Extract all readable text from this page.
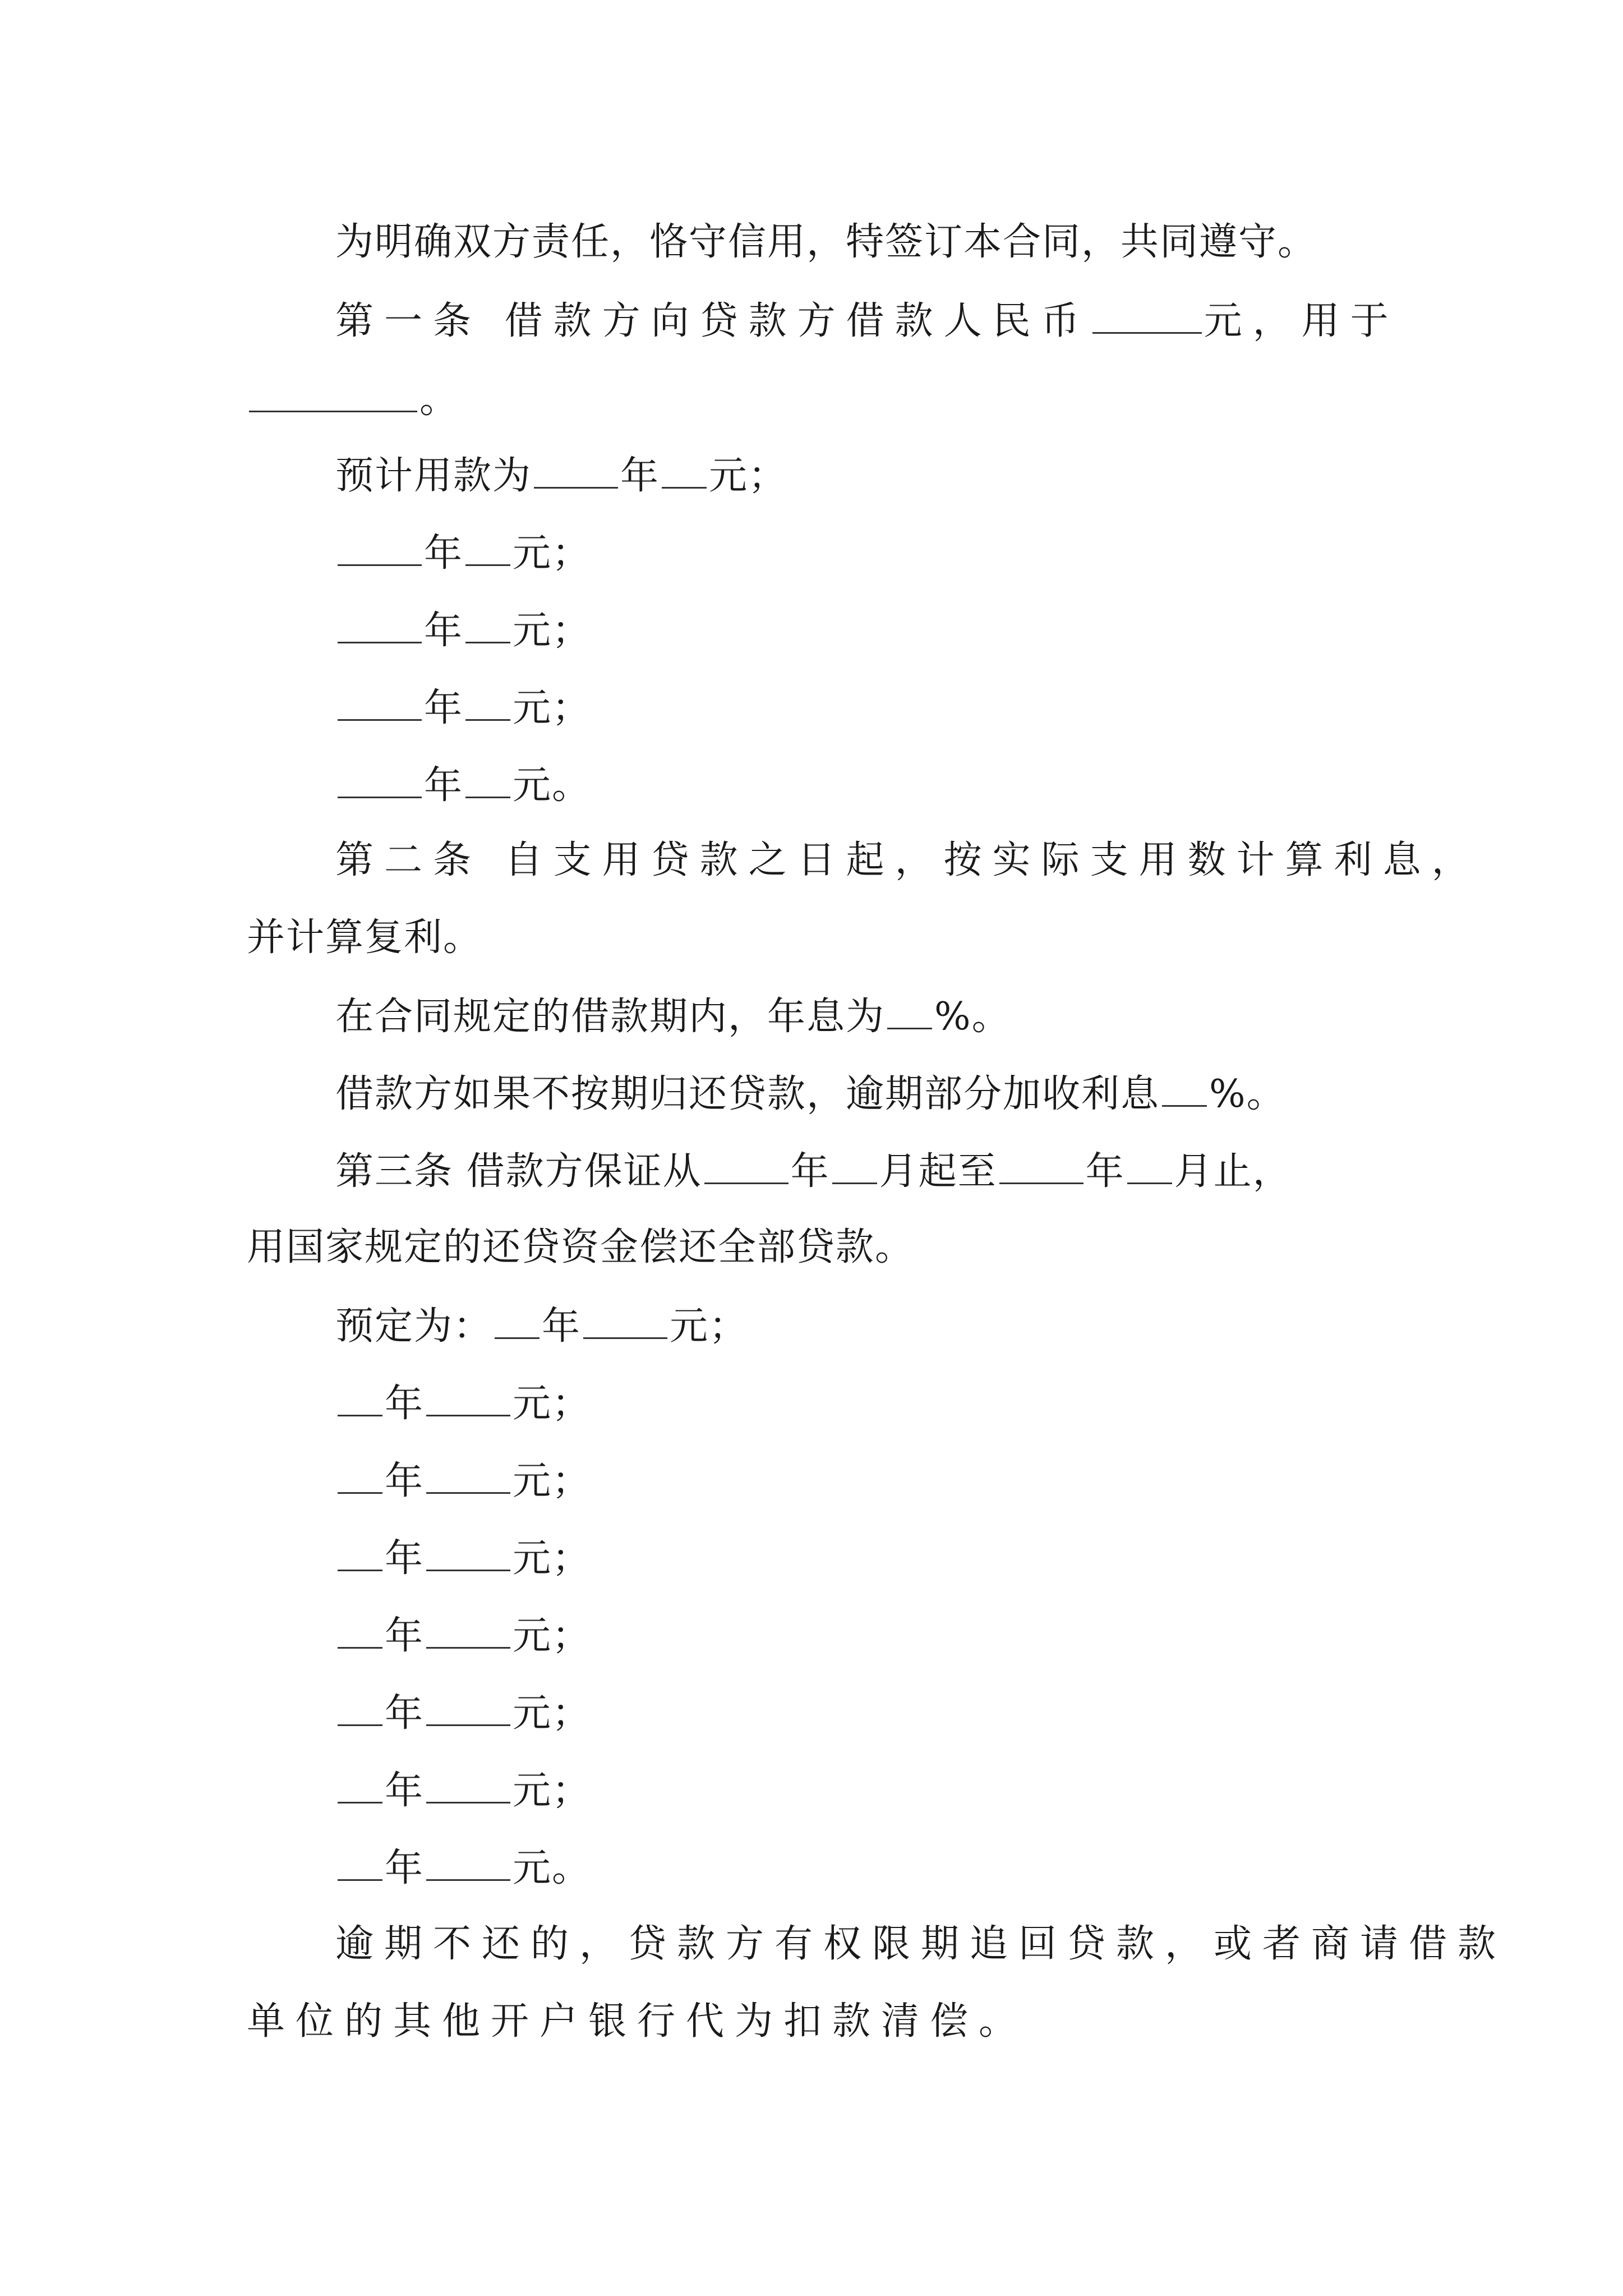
为明确双方责任，恪守信用，特签订本合同，共同遵守。
第一条 借款方向贷款方借款人民币	元，用于
。
预计用款为 年 元；
年 元；
年 元；
年 元；
年 元。
第二条 自支用贷款之日起，按实际支用数计算利息，
并计算复利。
在合同规定的借款期内，年息为 %。
借款方如果不按期归还贷款，逾期部分加收利息 %。
第三条 借款方保证从 年 月起至 年 月止，
用国家规定的还贷资金偿还全部贷款。
预定为： 年 元；
年 元；
年 元；
年 元；
年 元；
年 元；
年 元；
年 元。
逾期不还的，贷款方有权限期追回贷款，或者商请借款
单位的其他开户银行代为扣款清偿。
